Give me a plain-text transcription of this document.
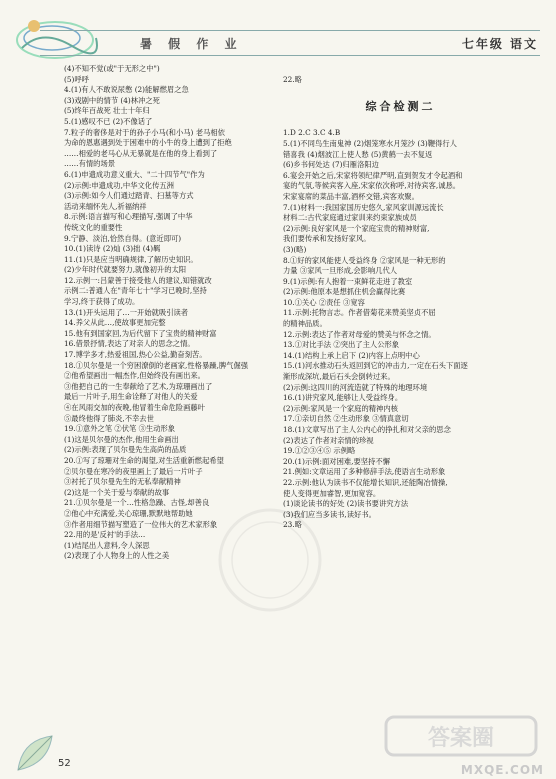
暑 假 作 业	七年级 语文
(4)不知不觉(或"于无形之中")
(5)呼呼
4.(1)有人不敢说尿憋 (2)能解燃眉之急
(3)戏剧中的情节 (4)林冲之死
(5)终年百战死 壮士十年归
5.(1)感叹不已 (2)不像话了
7.粒子的奢侈是对于的孙子小马(和小马) 老马相依
为命的恩惠遇到处于困难中的小牛的身上遭到了拒绝
……相爱的老马心从无暴就是在他的身上看到了
……有情的场景
6.(1)申遗成功意义重大、"二十四节气"作为
(2)示例:申遗成功,中华文化传五洲
(3)示例:如今人们通过踏青、扫墓等方式
活动来缅怀先人,祈福纳祥
8.示例:语言描写和心理描写,强调了中华
传统文化的重要性
9.宁静、淡泊,恰然自得。(意近即可)
10.(1)读诗 (2)灿 (3)拙 (4)羁
11.(1)只是应当明确规律,了解历史知识。
(2)少年时代就要努力,就像初升的太阳
12.示例一:吕蒙善于接受他人的建议,知错就改
示例二:普通人在"青年七十"学习已晚时,坚持
学习,终于获得了成功。
13.(1)开头运用了…一开始就吸引读者
14.养父从此…,使故事更加完整
15.他有到国家回,为后代留下了宝贵的精神财富
16.借景抒情,表达了对亲人的思念之情。
17.博学多才,热爱祖国,热心公益,勤奋刻苦。
18.①贝尔曼是一个穷困潦倒的老画家,性格暴躁,脾气倔强
②他希望画出一幅杰作,但始终没有画出来。
③他把自己的一生奉献给了艺术,为琼珊画出了
最后一片叶子,用生命诠释了对他人的关爱
④在风雨交加的夜晚,他冒着生命危险画藤叶
⑤最终他得了肺炎,不幸去世
19.①意外之笔 ②伏笔 ③生动形象
(1)这是贝尔曼的杰作,他用生命画出
(2)示例:表现了贝尔曼先生高尚的品质
20.①写了琼珊对生命的渴望,对生活重新燃起希望
②贝尔曼在寒冷的夜里画上了最后一片叶子
③衬托了贝尔曼先生的无私奉献精神
(2)这是一个关于爱与奉献的故事
21.①贝尔曼是一个…性格急躁、古怪,却善良
②他心中充满爱,关心琼珊,默默地帮助她
③作者用细节描写塑造了一位伟大的艺术家形象
22.用的是'反衬'的手法…
(1)结尾出人意料,令人深思
(2)表现了小人物身上的人性之美

22.略

综合检测二

1.D 2.C 3.C 4.B
5.(1)不同鸟生南鬼神 (2)烟笼寒水月笼沙 (3)鞭得行人
错喜我 (4)烟波江上使人愁 (5)黄鹤一去不复返
(6)乡书何处达 (7)归雁洛阳边
6.宴会开始之后,宋家将领纪律严明,直到贺发才令起酒和
宴的气氛,等候宾客入座,宋家依次称呼,对待宾客,诚恳。
宋家宴席的菜品丰富,酒杯交错,宾客欢聚。
7.(1)材料一:我国家国历史悠久,家风家训源远流长
材料二:古代家庭通过家训来约束家族成员
(2)示例:良好家风是一个家庭宝贵的精神财富,
我们要传承和发扬好家风。
(3)(略)
8.①好的家风能使人受益终身 ②家风是一种无形的
力量 ③家风一旦形成,会影响几代人
9.(1)示例:有人抱着一束鲜花走进了教室
(2)示例:他原本是想抓住机会赢得比赛
10.①关心 ②责任 ③宽容
11.示例:托物言志。作者借菊花来赞美坚贞不屈
的精神品质。
12.示例:表达了作者对母爱的赞美与怀念之情。
13.①对比手法 ②突出了主人公形象
14.(1)结构上承上启下 (2)内容上点明中心
15.(1)河水推动石头返回到它的冲击力,一定在石头下面逐
渐形成深坑,最后石头会倒转过来。
(2)示例:这四川的河流造就了特殊的地理环境
16.(1)讲究家风,能够让人受益终身。
(2)示例:家风是一个家庭的精神内核
17.①亲切自然 ②生动形象 ③情真意切
18.(1)文章写出了主人公内心的挣扎和对父亲的思念
(2)表达了作者对亲情的珍视
19.①②③④⑤ 示例略
20.(1)示例:面对困难,要坚持不懈
21.例如:文章运用了多种修辞手法,使语言生动形象
22.示例:他认为读书不仅能增长知识,还能陶冶情操,
使人变得更加睿智,更加宽容。
(1)谈论读书的好处 (2)读书要讲究方法
(3)我们应当多读书,读好书。
23.略

52
答案圈
MXQE.COM
